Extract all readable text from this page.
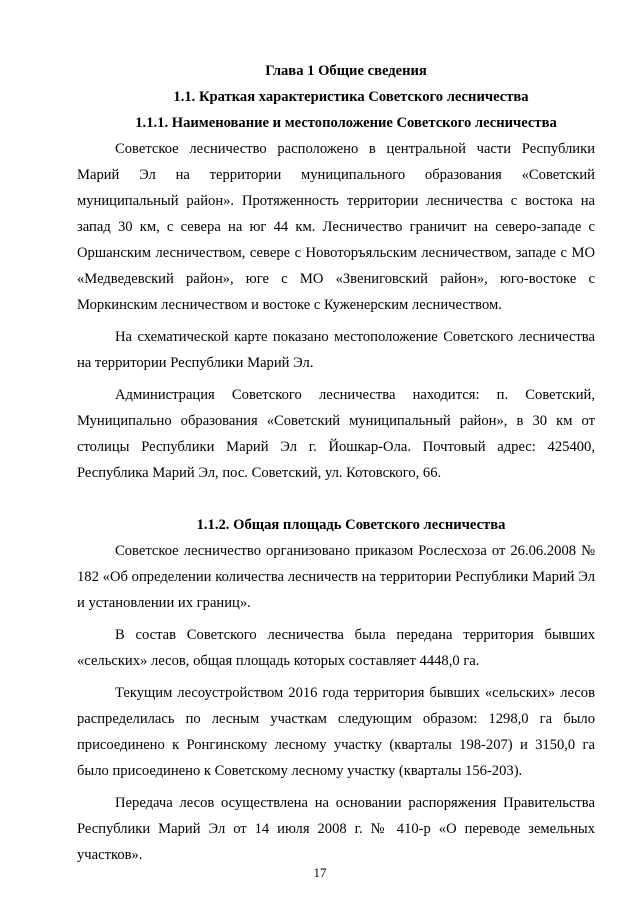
Глава 1 Общие сведения

1.1. Краткая характеристика Советского лесничества

1.1.1. Наименование и местоположение Советского лесничества

Советское лесничество расположено в центральной части Республики Марий Эл на территории муниципального образования «Советский муниципальный район». Протяженность территории лесничества с востока на запад 30 км, с севера на юг 44 км. Лесничество граничит на северо-западе с Оршанским лесничеством, севере с Новоторъяльским лесничеством, западе с МО «Медведевский район», юге с МО «Звениговский район», юго-востоке с Моркинским лесничеством и востоке с Куженерским лесничеством.

На схематической карте показано местоположение Советского лесничества на территории Республики Марий Эл.

Администрация Советского лесничества находится: п. Советский, Муниципально образования «Советский муниципальный район», в 30 км от столицы Республики Марий Эл г. Йошкар-Ола. Почтовый адрес: 425400, Республика Марий Эл, пос. Советский, ул. Котовского, 66.

1.1.2. Общая площадь Советского лесничества

Советское лесничество организовано приказом Рослесхоза от 26.06.2008 № 182 «Об определении количества лесничеств на территории Республики Марий Эл и установлении их границ».

В состав Советского лесничества была передана территория бывших «сельских» лесов, общая площадь которых составляет 4448,0 га.

Текущим лесоустройством 2016 года территория бывших «сельских» лесов распределилась по лесным участкам следующим образом: 1298,0 га было присоединено к Ронгинскому лесному участку (кварталы 198-207) и 3150,0 га было присоединено к Советскому лесному участку (кварталы 156-203).

Передача лесов осуществлена на основании распоряжения Правительства Республики Марий Эл от 14 июля 2008 г. № 410-р «О переводе земельных участков».

17
